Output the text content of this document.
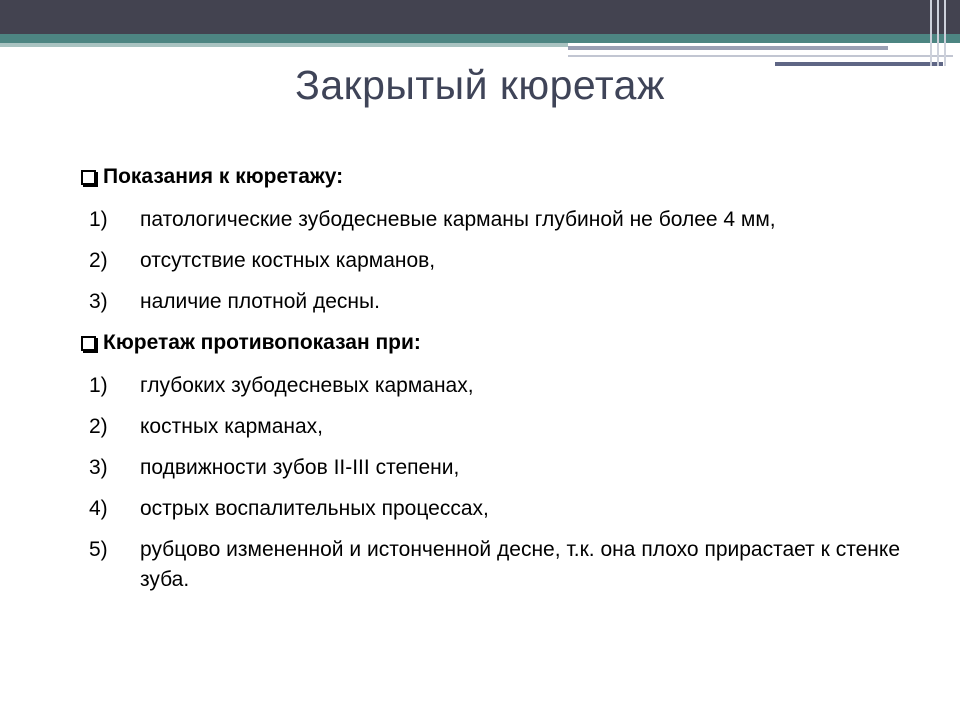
Закрытый кюретаж
Показания к кюретажу:
1)	патологические зубодесневые карманы глубиной не более 4 мм,
2)	отсутствие костных карманов,
3)	наличие плотной десны.
Кюретаж противопоказан при:
1)	глубоких зубодесневых карманах,
2)	костных карманах,
3)	подвижности зубов II-III степени,
4)	острых воспалительных процессах,
5)	рубцово измененной и истонченной десне, т.к. она плохо прирастает к стенке зуба.
